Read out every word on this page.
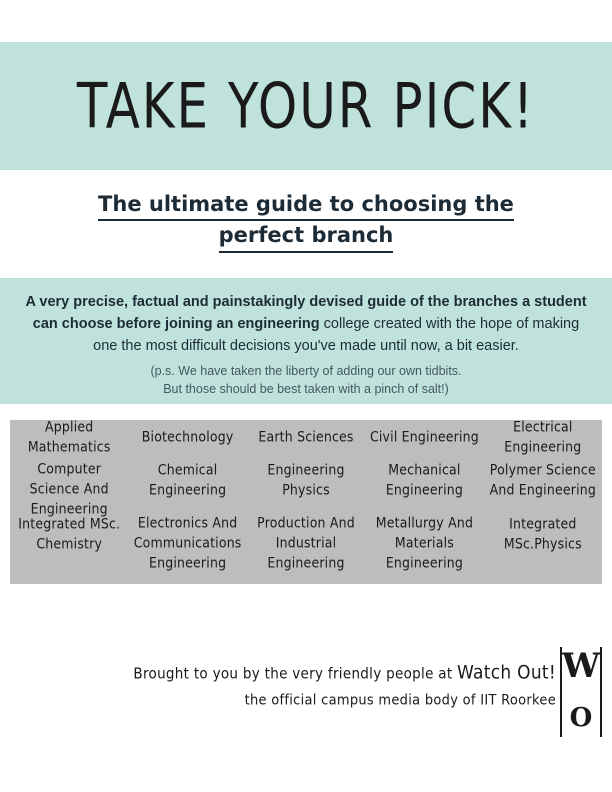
TAKE YOUR PICK!
The ultimate guide to choosing the
perfect branch
A very precise, factual and painstakingly devised guide of the branches a student can choose before joining an engineering college created with the hope of making one the most difficult decisions you've made until now, a bit easier.
(p.s. We have taken the liberty of adding our own tidbits.
But those should be best taken with a pinch of salt!)
Applied Mathematics
Biotechnology Earth Sciences Civil Engineering
Electrical Engineering
Computer Science And Engineering
Chemical Engineering
Engineering Physics
Mechanical Engineering
Polymer Science And Engineering
Integrated MSc. Chemistry
Electronics And Communications Engineering
Production And Industrial Engineering
Metallurgy And Materials Engineering
Integrated MSc.Physics
Brought to you by the very friendly people at Watch Out!
the official campus media body of IIT Roorkee
W
O
